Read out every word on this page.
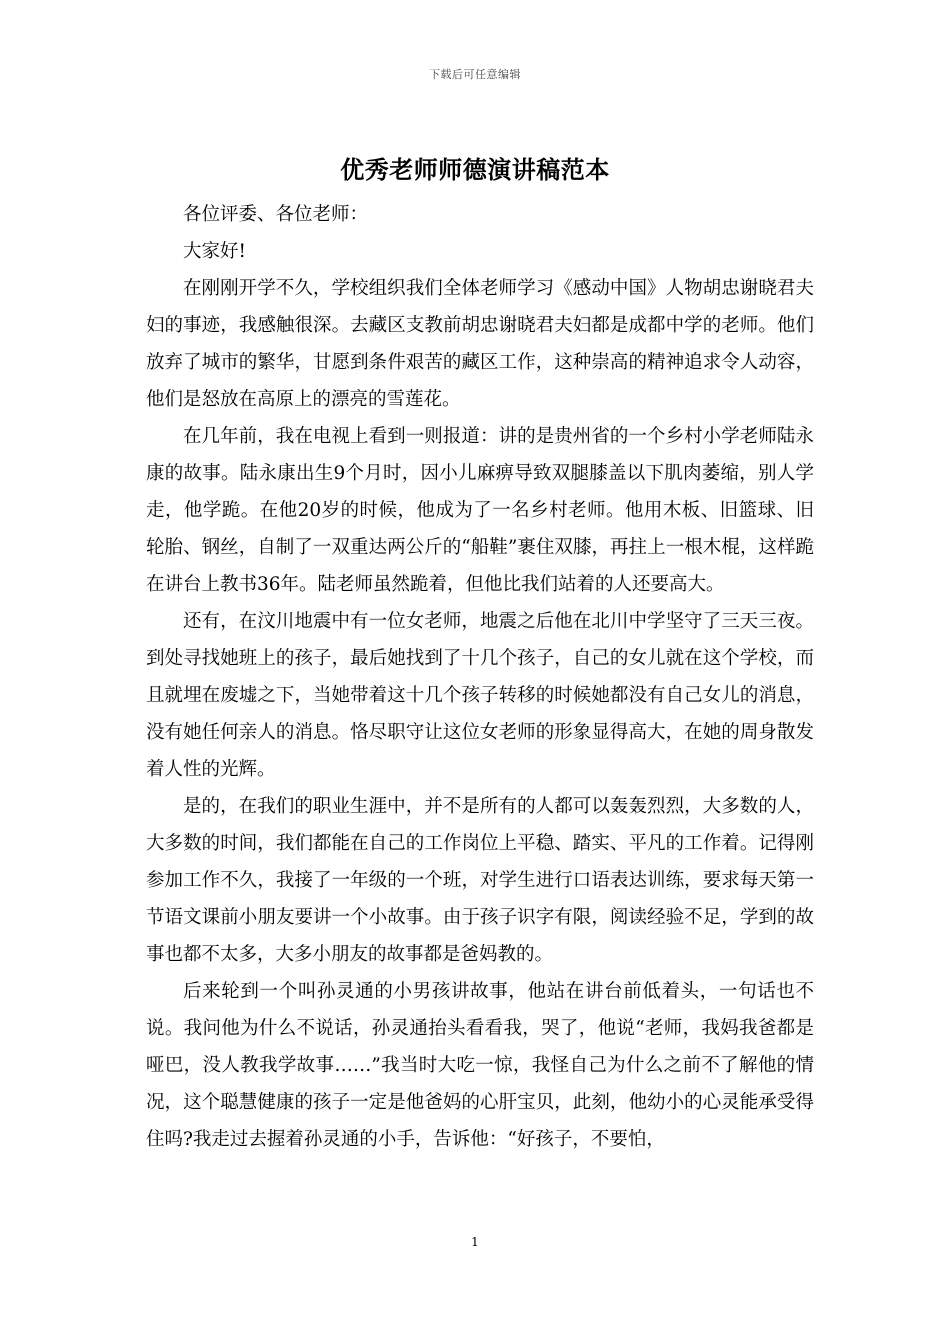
下载后可任意编辑
优秀老师师德演讲稿范本

各位评委、各位老师：

大家好!

在刚刚开学不久，学校组织我们全体老师学习《感动中国》人物胡忠谢晓君夫妇的事迹，我感触很深。去藏区支教前胡忠谢晓君夫妇都是成都中学的老师。他们放弃了城市的繁华，甘愿到条件艰苦的藏区工作，这种崇高的精神追求令人动容，他们是怒放在高原上的漂亮的雪莲花。

在几年前，我在电视上看到一则报道：讲的是贵州省的一个乡村小学老师陆永康的故事。陆永康出生9个月时，因小儿麻痹导致双腿膝盖以下肌肉萎缩，别人学走，他学跪。在他20岁的时候，他成为了一名乡村老师。他用木板、旧篮球、旧轮胎、钢丝，自制了一双重达两公斤的“船鞋”裹住双膝，再拄上一根木棍，这样跪在讲台上教书36年。陆老师虽然跪着，但他比我们站着的人还要高大。

还有，在汶川地震中有一位女老师，地震之后他在北川中学坚守了三天三夜。到处寻找她班上的孩子，最后她找到了十几个孩子，自己的女儿就在这个学校，而且就埋在废墟之下，当她带着这十几个孩子转移的时候她都没有自己女儿的消息，没有她任何亲人的消息。恪尽职守让这位女老师的形象显得高大，在她的周身散发着人性的光辉。

是的，在我们的职业生涯中，并不是所有的人都可以轰轰烈烈，大多数的人，大多数的时间，我们都能在自己的工作岗位上平稳、踏实、平凡的工作着。记得刚参加工作不久，我接了一年级的一个班，对学生进行口语表达训练，要求每天第一节语文课前小朋友要讲一个小故事。由于孩子识字有限，阅读经验不足，学到的故事也都不太多，大多小朋友的故事都是爸妈教的。

后来轮到一个叫孙灵通的小男孩讲故事，他站在讲台前低着头，一句话也不说。我问他为什么不说话，孙灵通抬头看看我，哭了，他说“老师，我妈我爸都是哑巴，没人教我学故事……”我当时大吃一惊，我怪自己为什么之前不了解他的情况，这个聪慧健康的孩子一定是他爸妈的心肝宝贝，此刻，他幼小的心灵能承受得住吗?我走过去握着孙灵通的小手，告诉他：“好孩子，不要怕，

1
